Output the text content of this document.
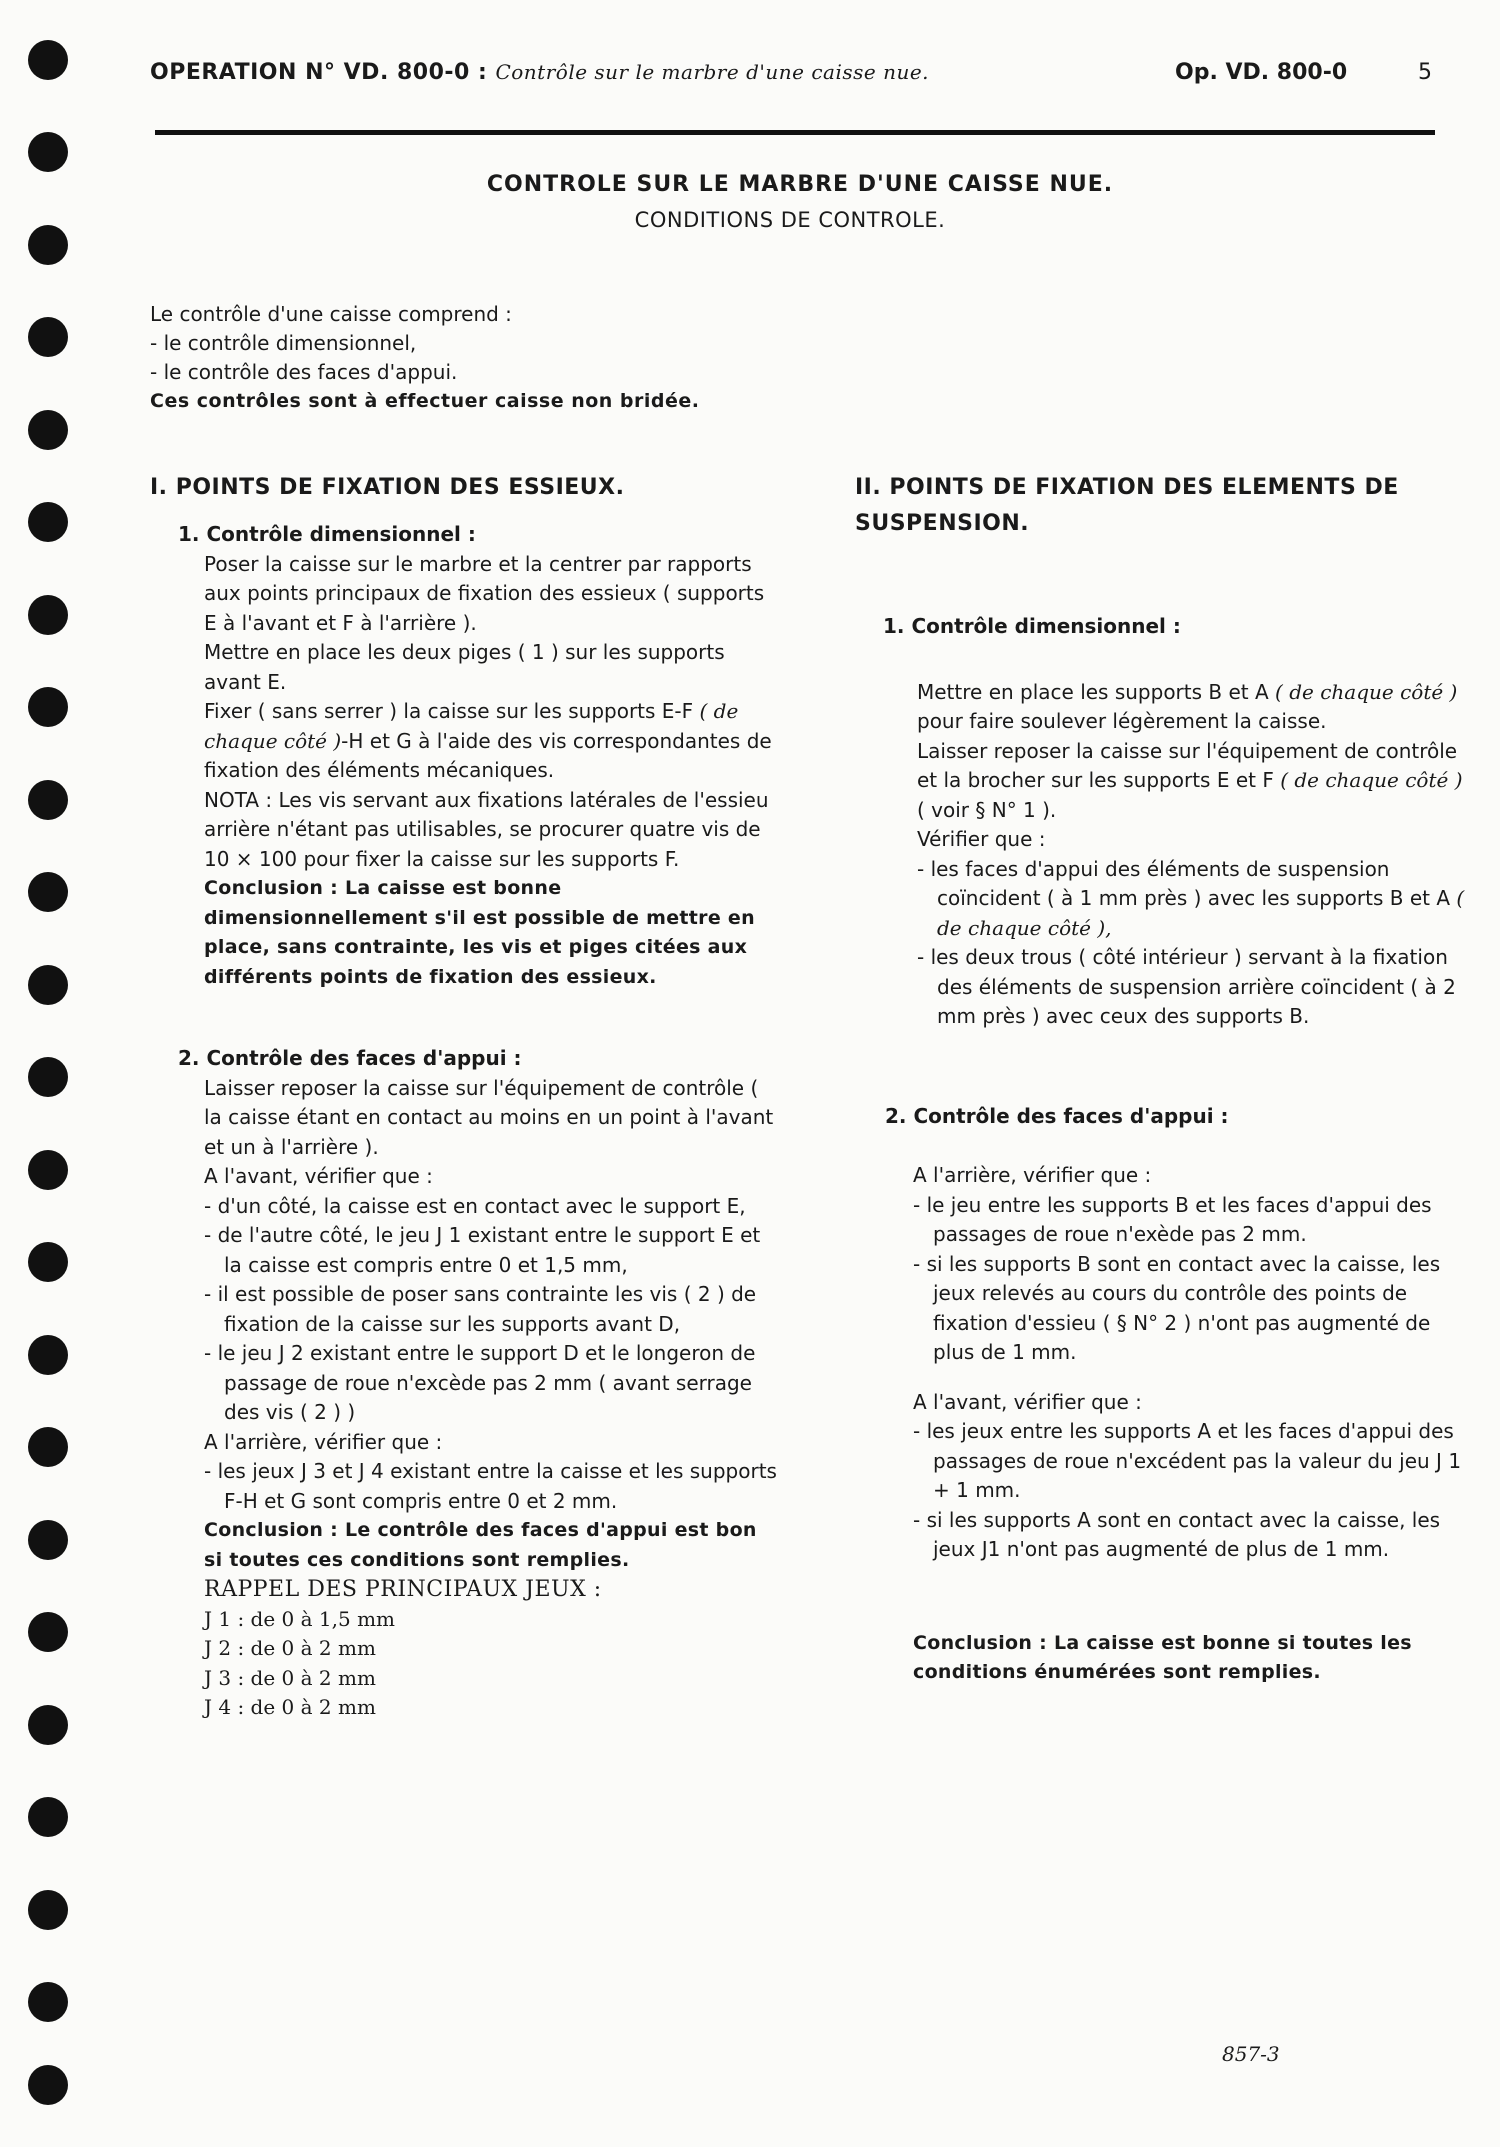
OPERATION N° VD. 800-0 : Contrôle sur le marbre d'une caisse nue.	Op. VD. 800-0	5
CONTROLE SUR LE MARBRE D'UNE CAISSE NUE.
CONDITIONS DE CONTROLE.

Le contrôle d'une caisse comprend :

- le contrôle dimensionnel,

- le contrôle des faces d'appui.

Ces contrôles sont à effectuer caisse non bridée.

I. POINTS DE FIXATION DES ESSIEUX.
1. Contrôle dimensionnel :

Poser la caisse sur le marbre et la centrer par rapports aux points principaux de fixation des essieux ( supports E à l'avant et F à l'arrière ).

Mettre en place les deux piges ( 1 ) sur les supports avant E.

Fixer ( sans serrer ) la caisse sur les supports E-F ( de chaque côté )-H et G à l'aide des vis correspondantes de fixation des éléments mécaniques.

NOTA : Les vis servant aux fixations latérales de l'essieu arrière n'étant pas utilisables, se procurer quatre vis de 10 × 100 pour fixer la caisse sur les supports F.

Conclusion : La caisse est bonne dimensionnellement s'il est possible de mettre en place, sans contrainte, les vis et piges citées aux différents points de fixation des essieux.

2. Contrôle des faces d'appui :

Laisser reposer la caisse sur l'équipement de contrôle ( la caisse étant en contact au moins en un point à l'avant et un à l'arrière ).

A l'avant, vérifier que :

- d'un côté, la caisse est en contact avec le support E,

- de l'autre côté, le jeu J 1 existant entre le support E et la caisse est compris entre 0 et 1,5 mm,

- il est possible de poser sans contrainte les vis ( 2 ) de fixation de la caisse sur les supports avant D,

- le jeu J 2 existant entre le support D et le longeron de passage de roue n'excède pas 2 mm ( avant serrage des vis ( 2 ) )

A l'arrière, vérifier que :

- les jeux J 3 et J 4 existant entre la caisse et les supports F-H et G sont compris entre 0 et 2 mm.

Conclusion : Le contrôle des faces d'appui est bon si toutes ces conditions sont remplies.

RAPPEL DES PRINCIPAUX JEUX :

J 1 : de 0 à 1,5 mm

J 2 : de 0 à 2 mm

J 3 : de 0 à 2 mm

J 4 : de 0 à 2 mm

II. POINTS DE FIXATION DES ELEMENTS DE SUSPENSION.
1. Contrôle dimensionnel :

Mettre en place les supports B et A ( de chaque côté ) pour faire soulever légèrement la caisse.

Laisser reposer la caisse sur l'équipement de contrôle et la brocher sur les supports E et F ( de chaque côté ) ( voir § N° 1 ).

Vérifier que :

- les faces d'appui des éléments de suspension coïncident ( à 1 mm près ) avec les supports B et A ( de chaque côté ),

- les deux trous ( côté intérieur ) servant à la fixation des éléments de suspension arrière coïncident ( à 2 mm près ) avec ceux des supports B.

2. Contrôle des faces d'appui :

A l'arrière, vérifier que :

- le jeu entre les supports B et les faces d'appui des passages de roue n'exède pas 2 mm.

- si les supports B sont en contact avec la caisse, les jeux relevés au cours du contrôle des points de fixation d'essieu ( § N° 2 ) n'ont pas augmenté de plus de 1 mm.

A l'avant, vérifier que :

- les jeux entre les supports A et les faces d'appui des passages de roue n'excédent pas la valeur du jeu J 1 + 1 mm.

- si les supports A sont en contact avec la caisse, les jeux J1 n'ont pas augmenté de plus de 1 mm.

Conclusion : La caisse est bonne si toutes les conditions énumérées sont remplies.

857-3
